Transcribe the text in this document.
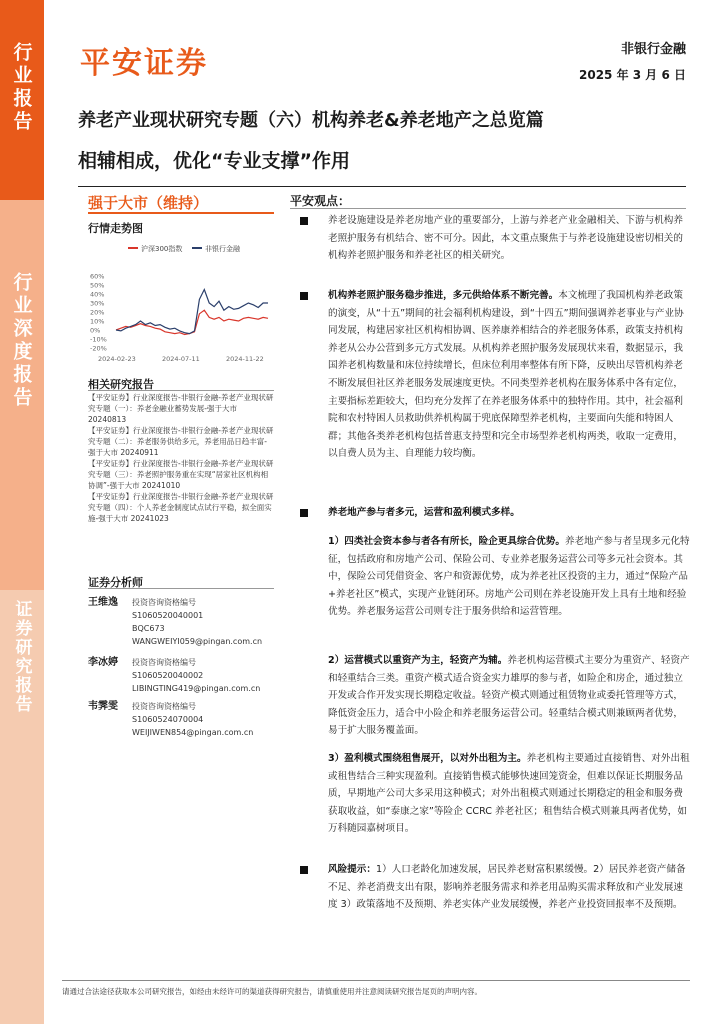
行业报告
行业深度报告
证券研究报告
平安证券	非银行金融
2025 年 3 月 6 日
养老产业现状研究专题（六）机构养老&养老地产之总览篇
相辅相成，优化“专业支撑”作用
强于大市（维持）
行情走势图
沪深300指数	非银行金融
60%
50%
40%
30%
20%
10%
0%
-10%
-20%
2024-02-23	2024-07-11	2024-11-22
相关研究报告

【平安证券】行业深度报告-非银行金融-养老产业现状研究专题（一）：养老金融业蓄势发展-强于大市 20240813

【平安证券】行业深度报告-非银行金融-养老产业现状研究专题（二）：养老服务供给多元，养老用品日趋丰富-强于大市 20240911

【平安证券】行业深度报告-非银行金融-养老产业现状研究专题（三）：养老照护服务重在实现“居家社区机构相协调”-强于大市 20241010

【平安证券】行业深度报告-非银行金融-养老产业现状研究专题（四）：个人养老金制度试点试行平稳，拟全面实施-强于大市 20241023

证券分析师
王维逸 投资咨询资格编号
S1060520040001
BQC673
WANGWEIYI059@pingan.com.cn
李冰婷 投资咨询资格编号
S1060520040002
LIBINGTING419@pingan.com.cn
韦霁雯 投资咨询资格编号
S1060524070004
WEIJIWEN854@pingan.com.cn
平安观点：
养老设施建设是养老房地产业的重要部分，上游与养老产业金融相关、下游与机构养老照护服务有机结合、密不可分。因此，本文重点聚焦于与养老设施建设密切相关的机构养老照护服务和养老社区的相关研究。
机构养老照护服务稳步推进，多元供给体系不断完善。本文梳理了我国机构养老政策的演变，从“十五”期间的社会福利机构建设，到“十四五”期间强调养老事业与产业协同发展，构建居家社区机构相协调、医养康养相结合的养老服务体系，政策支持机构养老从公办公营到多元方式发展。从机构养老照护服务发展现状来看，数据显示，我国养老机构数量和床位持续增长，但床位利用率整体有所下降，反映出尽管机构养老不断发展但社区养老服务发展速度更快。不同类型养老机构在服务体系中各有定位，主要指标差距较大，但均充分发挥了在养老服务体系中的独特作用。其中，社会福利院和农村特困人员救助供养机构属于兜底保障型养老机构，主要面向失能和特困人群；其他各类养老机构包括普惠支持型和完全市场型养老机构两类，收取一定费用，以自费人员为主、自理能力较均衡。
养老地产参与者多元，运营和盈利模式多样。
1）四类社会资本参与者各有所长，险企更具综合优势。养老地产参与者呈现多元化特征，包括政府和房地产公司、保险公司、专业养老服务运营公司等多元社会资本。其中，保险公司凭借资金、客户和资源优势，成为养老社区投资的主力，通过“保险产品+养老社区”模式，实现产业链闭环。房地产公司则在养老设施开发上具有土地和经验优势。养老服务运营公司则专注于服务供给和运营管理。
2）运营模式以重资产为主，轻资产为辅。养老机构运营模式主要分为重资产、轻资产和轻重结合三类。重资产模式适合资金实力雄厚的参与者，如险企和房企，通过独立开发或合作开发实现长期稳定收益。轻资产模式则通过租赁物业或委托管理等方式，降低资金压力，适合中小险企和养老服务运营公司。轻重结合模式则兼顾两者优势，易于扩大服务覆盖面。
3）盈利模式围绕租售展开，以对外出租为主。养老机构主要通过直接销售、对外出租或租售结合三种实现盈利。直接销售模式能够快速回笼资金，但难以保证长期服务品质，早期地产公司大多采用这种模式；对外出租模式则通过长期稳定的租金和服务费获取收益，如“泰康之家”等险企 CCRC 养老社区；租售结合模式则兼具两者优势，如万科随园嘉树项目。
风险提示：1）人口老龄化加速发展，居民养老财富积累缓慢。2）居民养老资产储备不足、养老消费支出有限，影响养老服务需求和养老用品购买需求释放和产业发展速度 3）政策落地不及预期、养老实体产业发展缓慢，养老产业投资回报率不及预期。
请通过合法途径获取本公司研究报告，如经由未经许可的渠道获得研究报告，请慎重使用并注意阅读研究报告尾页的声明内容。
